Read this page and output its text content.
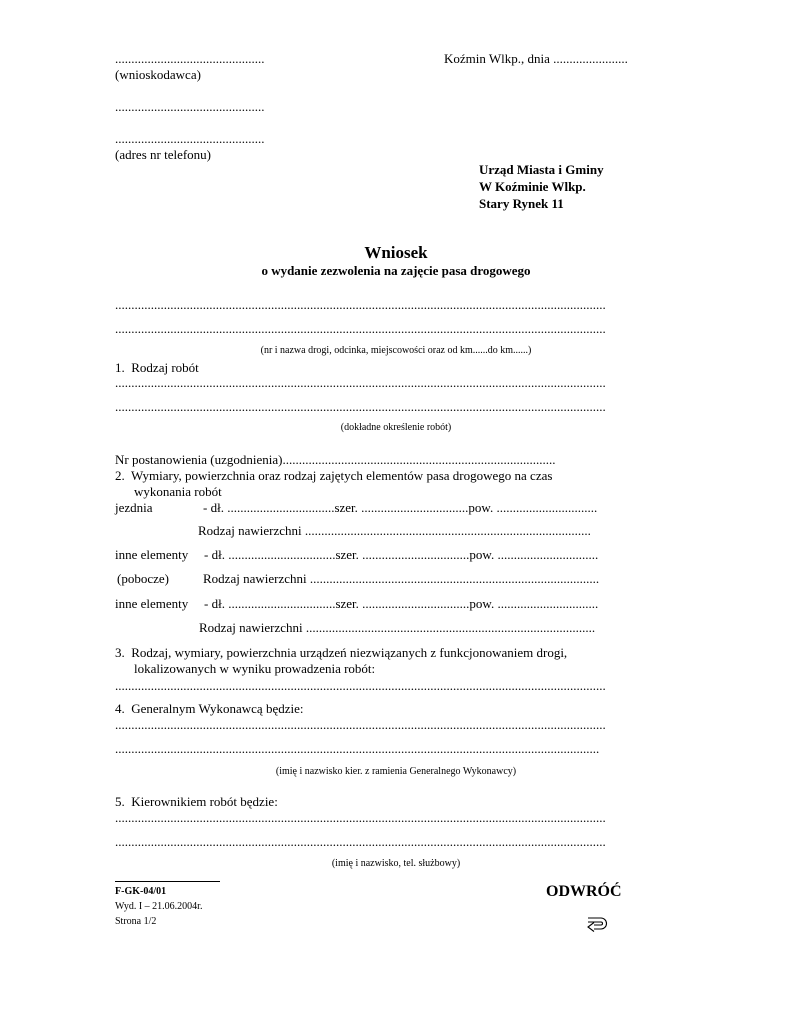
..............................................
(wnioskodawca)
Koźmin Wlkp., dnia .......................
..............................................
..............................................
(adres nr telefonu)
Urząd Miasta i Gminy
W Koźminie Wlkp.
Stary Rynek 11
Wniosek
o wydanie zezwolenia na zajęcie pasa drogowego
.......................................................................................................................................................
.......................................................................................................................................................
(nr i nazwa drogi, odcinka, miejscowości oraz od km......do km......)
1.  Rodzaj robót
.......................................................................................................................................................
.......................................................................................................................................................
(dokładne określenie robót)
Nr postanowienia (uzgodnienia)....................................................................................
2.  Wymiary, powierzchnia oraz rodzaj zajętych elementów pasa drogowego na czas
wykonania robót
jezdnia	- dł. .................................szer. .................................pow. ...............................
Rodzaj nawierzchni ........................................................................................
inne elementy - dł. .................................szer. .................................pow. ...............................
(pobocze)	Rodzaj nawierzchni .........................................................................................
inne elementy - dł. .................................szer. .................................pow. ...............................
Rodzaj nawierzchni .........................................................................................
3.  Rodzaj, wymiary, powierzchnia urządzeń niezwiązanych z funkcjonowaniem drogi,
lokalizowanych w wyniku prowadzenia robót:
.......................................................................................................................................................
4.  Generalnym Wykonawcą będzie:
.......................................................................................................................................................
.....................................................................................................................................................
(imię i nazwisko kier. z ramienia Generalnego Wykonawcy)
5.  Kierownikiem robót będzie:
.......................................................................................................................................................
.......................................................................................................................................................
(imię i nazwisko, tel. służbowy)
F-GK-04/01
Wyd. I – 21.06.2004r.
Strona 1/2
ODWRÓĆ
